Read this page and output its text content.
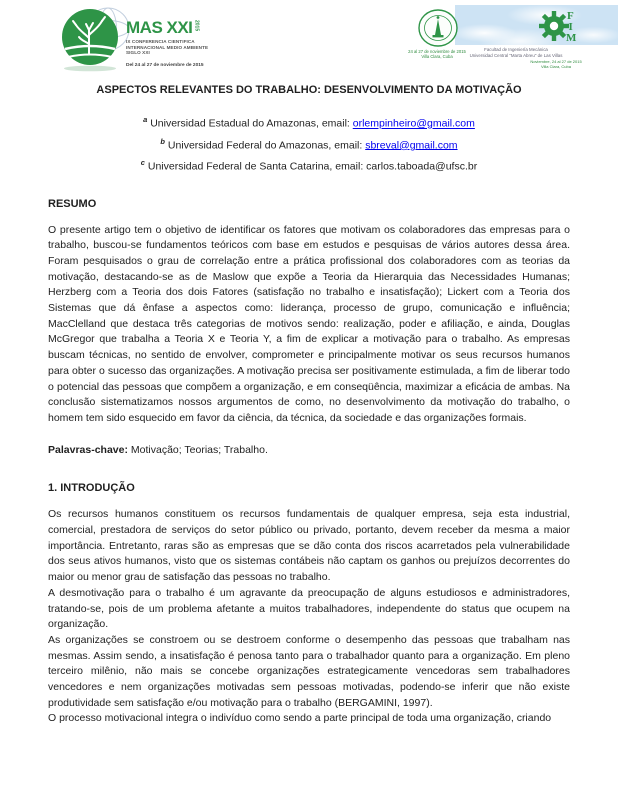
MAS XXI 2015
IX CONFERENCIA CIENTIFICA
INTERNACIONAL MEDIO AMBIENTE
SIGLO XXI
Del 24 al 27 de noviembre de 2015
F
I
M
24 al 27 de noviembre de 2015
Villa Clara, Cuba
Facultad de Ingeniería Mecánica
Universidad Central "Marta Abreu" de Las Villas
Noviembre, 24 al 27 de 2015
Villa Clara, Cuba
ASPECTOS RELEVANTES DO TRABALHO: DESENVOLVIMENTO DA MOTIVAÇÃO
$^a$ Universidad Estadual do Amazonas, email: orlempinheiro@gmail.com
$^b$ Universidad Federal do Amazonas, email: sbreval@gmail.com
$^c$ Universidad Federal de Santa Catarina, email: carlos.taboada@ufsc.br
RESUMO

O presente artigo tem o objetivo de identificar os fatores que motivam os colaboradores das empresas para o trabalho, buscou-se fundamentos teóricos com base em estudos e pesquisas de vários autores dessa área. Foram pesquisados o grau de correlação entre a prática profissional dos colaboradores com as teorias da motivação, destacando-se as de Maslow que expõe a Teoria da Hierarquia das Necessidades Humanas; Herzberg com a Teoria dos dois Fatores (satisfação no trabalho e insatisfação); Lickert com a Teoria dos Sistemas que dá ênfase a aspectos como: liderança, processo de grupo, comunicação e influência; MacClelland que destaca três categorias de motivos sendo: realização, poder e afiliação, e ainda, Douglas McGregor que trabalha a Teoria X e Teoria Y, a fim de explicar a motivação para o trabalho. As empresas buscam técnicas, no sentido de envolver, comprometer e principalmente motivar os seus recursos humanos para obter o sucesso das organizações. A motivação precisa ser positivamente estimulada, a fim de liberar todo o potencial das pessoas que compõem a organização, e em conseqüência, maximizar a eficácia de ambas. Na conclusão sistematizamos nossos argumentos de como, no desenvolvimento da motivação do trabalho, o homem tem sido esquecido em favor da ciência, da técnica, da sociedade e das organizações formais.

Palavras-chave: Motivação; Teorias; Trabalho.

1. INTRODUÇÃO

Os recursos humanos constituem os recursos fundamentais de qualquer empresa, seja esta industrial, comercial, prestadora de serviços do setor público ou privado, portanto, devem receber da mesma a maior importância. Entretanto, raras são as empresas que se dão conta dos riscos acarretados pela vulnerabilidade dos seus ativos humanos, visto que os sistemas contábeis não captam os ganhos ou prejuízos decorrentes do maior ou menor grau de satisfação das pessoas no trabalho.

A desmotivação para o trabalho é um agravante da preocupação de alguns estudiosos e administradores, tratando-se, pois de um problema afetante a muitos trabalhadores, independente do status que ocupem na organização.

As organizações se constroem ou se destroem conforme o desempenho das pessoas que trabalham nas mesmas. Assim sendo, a insatisfação é penosa tanto para o trabalhador quanto para a organização. Em pleno terceiro milênio, não mais se concebe organizações estrategicamente vencedoras sem trabalhadores vencedores e nem organizações motivadas sem pessoas motivadas, podendo-se inferir que não existe produtividade sem satisfação e/ou motivação para o trabalho (BERGAMINI, 1997).

O processo motivacional integra o indivíduo como sendo a parte principal de toda uma organização, criando
